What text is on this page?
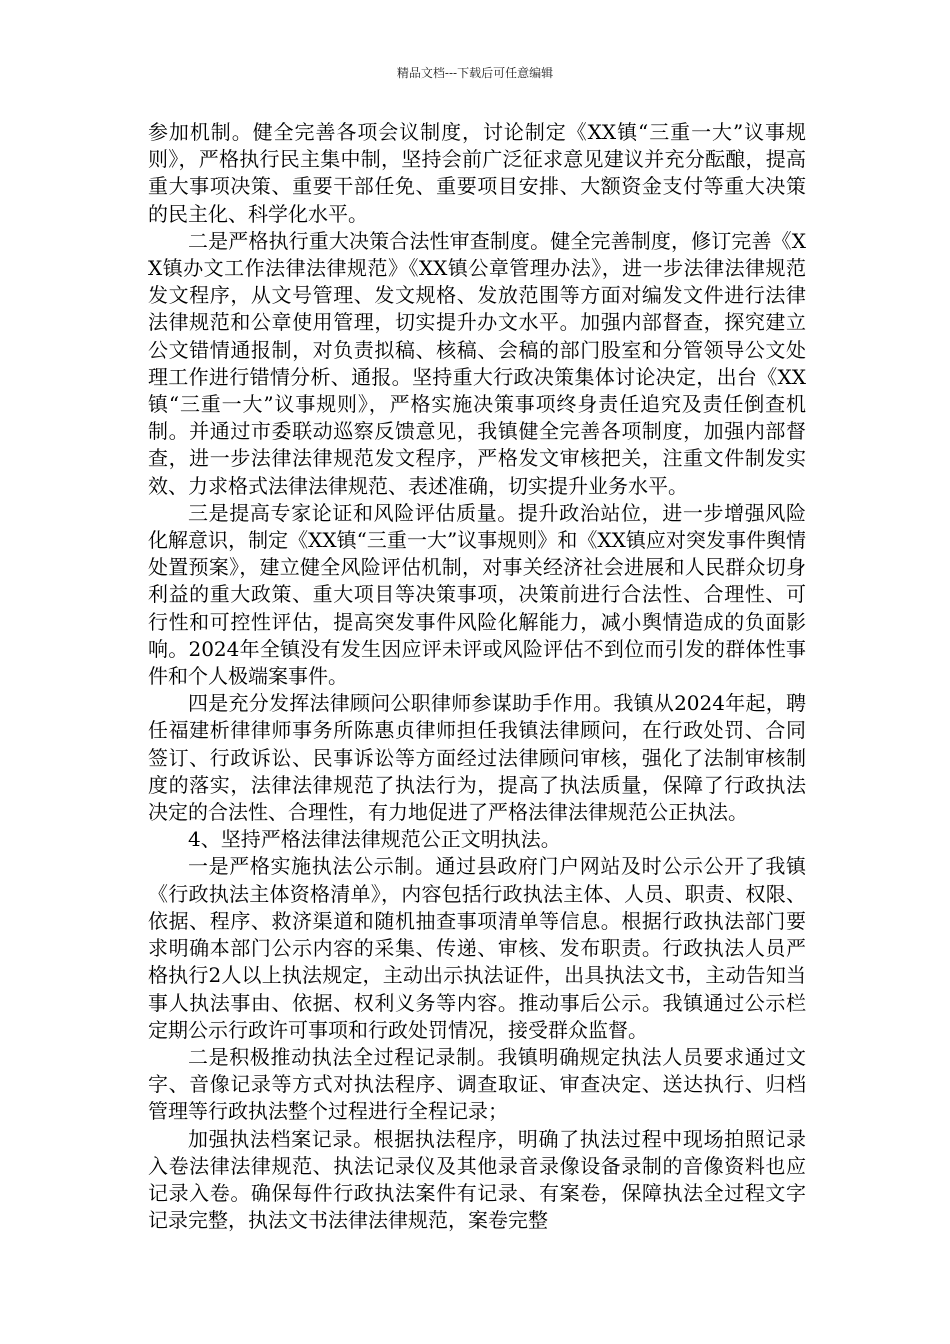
精品文档---下载后可任意编辑

参加机制。健全完善各项会议制度，讨论制定《XX镇“三重一大”议事规则》，严格执行民主集中制，坚持会前广泛征求意见建议并充分酝酿，提高重大事项决策、重要干部任免、重要项目安排、大额资金支付等重大决策的民主化、科学化水平。

二是严格执行重大决策合法性审查制度。健全完善制度，修订完善《XX镇办文工作法律法律规范》《XX镇公章管理办法》，进一步法律法律规范发文程序，从文号管理、发文规格、发放范围等方面对编发文件进行法律法律规范和公章使用管理，切实提升办文水平。加强内部督查，探究建立公文错情通报制，对负责拟稿、核稿、会稿的部门股室和分管领导公文处理工作进行错情分析、通报。坚持重大行政决策集体讨论决定，出台《XX镇“三重一大”议事规则》，严格实施决策事项终身责任追究及责任倒查机制。并通过市委联动巡察反馈意见，我镇健全完善各项制度，加强内部督查，进一步法律法律规范发文程序，严格发文审核把关，注重文件制发实效、力求格式法律法律规范、表述准确，切实提升业务水平。

三是提高专家论证和风险评估质量。提升政治站位，进一步增强风险化解意识，制定《XX镇“三重一大”议事规则》和《XX镇应对突发事件舆情处置预案》，建立健全风险评估机制，对事关经济社会进展和人民群众切身利益的重大政策、重大项目等决策事项，决策前进行合法性、合理性、可行性和可控性评估，提高突发事件风险化解能力，减小舆情造成的负面影响。2024年全镇没有发生因应评未评或风险评估不到位而引发的群体性事件和个人极端案事件。

四是充分发挥法律顾问公职律师参谋助手作用。我镇从2024年起，聘任福建析律律师事务所陈惠贞律师担任我镇法律顾问，在行政处罚、合同签订、行政诉讼、民事诉讼等方面经过法律顾问审核，强化了法制审核制度的落实，法律法律规范了执法行为，提高了执法质量，保障了行政执法决定的合法性、合理性，有力地促进了严格法律法律规范公正执法。

4、坚持严格法律法律规范公正文明执法。

一是严格实施执法公示制。通过县政府门户网站及时公示公开了我镇《行政执法主体资格清单》，内容包括行政执法主体、人员、职责、权限、依据、程序、救济渠道和随机抽查事项清单等信息。根据行政执法部门要求明确本部门公示内容的采集、传递、审核、发布职责。行政执法人员严格执行2人以上执法规定，主动出示执法证件，出具执法文书，主动告知当事人执法事由、依据、权利义务等内容。推动事后公示。我镇通过公示栏定期公示行政许可事项和行政处罚情况，接受群众监督。

二是积极推动执法全过程记录制。我镇明确规定执法人员要求通过文字、音像记录等方式对执法程序、调查取证、审查决定、送达执行、归档管理等行政执法整个过程进行全程记录；

加强执法档案记录。根据执法程序，明确了执法过程中现场拍照记录入卷法律法律规范、执法记录仪及其他录音录像设备录制的音像资料也应记录入卷。确保每件行政执法案件有记录、有案卷，保障执法全过程文字记录完整，执法文书法律法律规范，案卷完整
